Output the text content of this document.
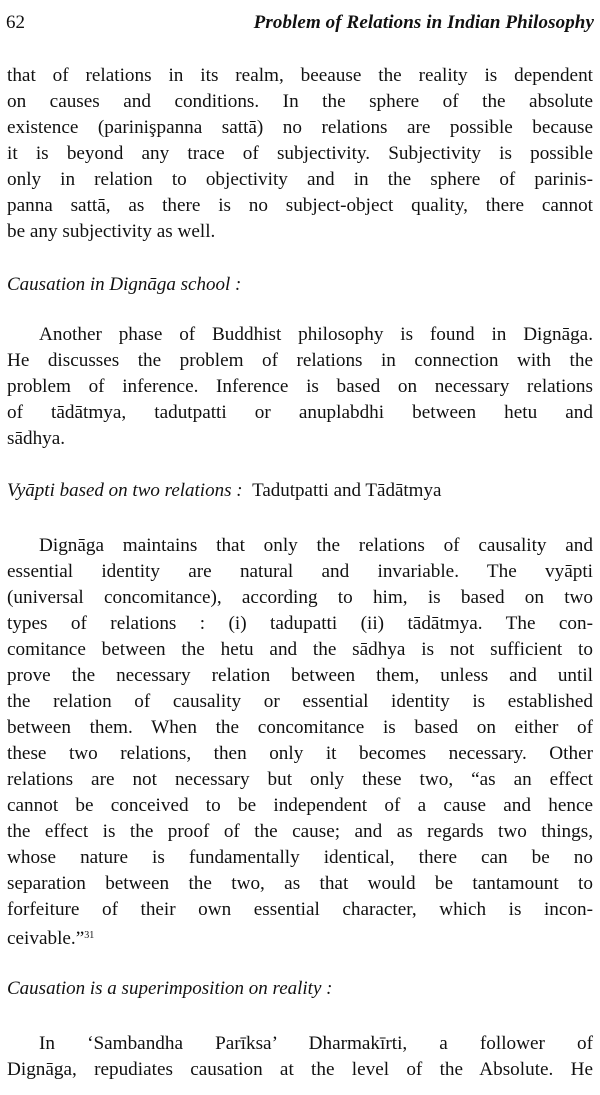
62	Problem of Relations in Indian Philosophy
that of relations in its realm, beeause the reality is dependent
on causes and conditions. In the sphere of the absolute
existence (parinişpanna sattā) no relations are possible because
it is beyond any trace of subjectivity. Subjectivity is possible
only in relation to objectivity and in the sphere of parinis-
panna sattā, as there is no subject-object quality, there cannot
be any subjectivity as well.
Causation in Dignāga school :
Another phase of Buddhist philosophy is found in Dignāga.
He discusses the problem of relations in connection with the
problem of inference. Inference is based on necessary relations
of tādātmya, tadutpatti or anuplabdhi between hetu and
sādhya.
Vyāpti based on two relations : Tadutpatti and Tādātmya
Dignāga maintains that only the relations of causality and
essential identity are natural and invariable. The vyāpti
(universal concomitance), according to him, is based on two
types of relations : (i) tadupatti (ii) tādātmya. The con-
comitance between the hetu and the sādhya is not sufficient to
prove the necessary relation between them, unless and until
the relation of causality or essential identity is established
between them. When the concomitance is based on either of
these two relations, then only it becomes necessary. Other
relations are not necessary but only these two, “as an effect
cannot be conceived to be independent of a cause and hence
the effect is the proof of the cause; and as regards two things,
whose nature is fundamentally identical, there can be no
separation between the two, as that would be tantamount to
forfeiture of their own essential character, which is incon-
ceivable.”$^{31}$
Causation is a superimposition on reality :
In ‘Sambandha Parīksa’ Dharmakīrti, a follower of
Dignāga, repudiates causation at the level of the Absolute. He
